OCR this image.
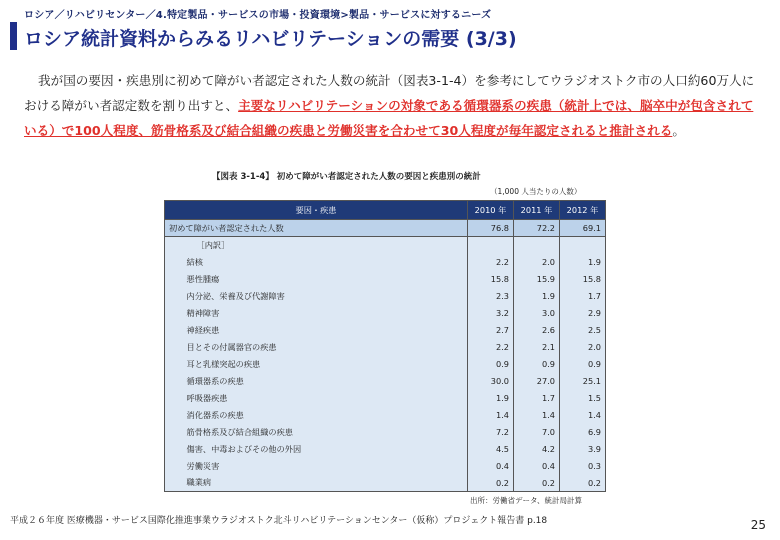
ロシア／リハビリセンター／4.特定製品・サービスの市場・投資環境>製品・サービスに対するニーズ
ロシア統計資料からみるリハビリテーションの需要 (3/3)

我が国の要因・疾患別に初めて障がい者認定された人数の統計（図表3-1-4）を参考にしてウラジオストク市の人口約60万人における障がい者認定数を割り出すと、主要なリハビリテーションの対象である循環器系の疾患（統計上では、脳卒中が包含されている）で100人程度、筋骨格系及び結合組織の疾患と労働災害を合わせて30人程度が毎年認定されると推計される。

【図表 3-1-4】 初めて障がい者認定された人数の要因と疾患別の統計
（1,000 人当たりの人数）
要因・疾患		2010 年	2011 年	2012 年
初めて障がい者認定された人数		76.8	72.2	69.1
	［内訳］			
	結核	2.2	2.0	1.9
	悪性腫瘍	15.8	15.9	15.8
	内分泌、栄養及び代謝障害	2.3	1.9	1.7
	精神障害	3.2	3.0	2.9
	神経疾患	2.7	2.6	2.5
	目とその付属器官の疾患	2.2	2.1	2.0
	耳と乳様突起の疾患	0.9	0.9	0.9
	循環器系の疾患	30.0	27.0	25.1
	呼吸器疾患	1.9	1.7	1.5
	消化器系の疾患	1.4	1.4	1.4
	筋骨格系及び結合組織の疾患	7.2	7.0	6.9
	傷害、中毒およびその他の外因	4.5	4.2	3.9
	労働災害	0.4	0.4	0.3
	職業病	0.2	0.2	0.2
出所：労働省データ、統計局計算
平成２６年度 医療機器・サービス国際化推進事業ウラジオストク北斗リハビリテーションセンター（仮称）プロジェクト報告書 p.18	25
